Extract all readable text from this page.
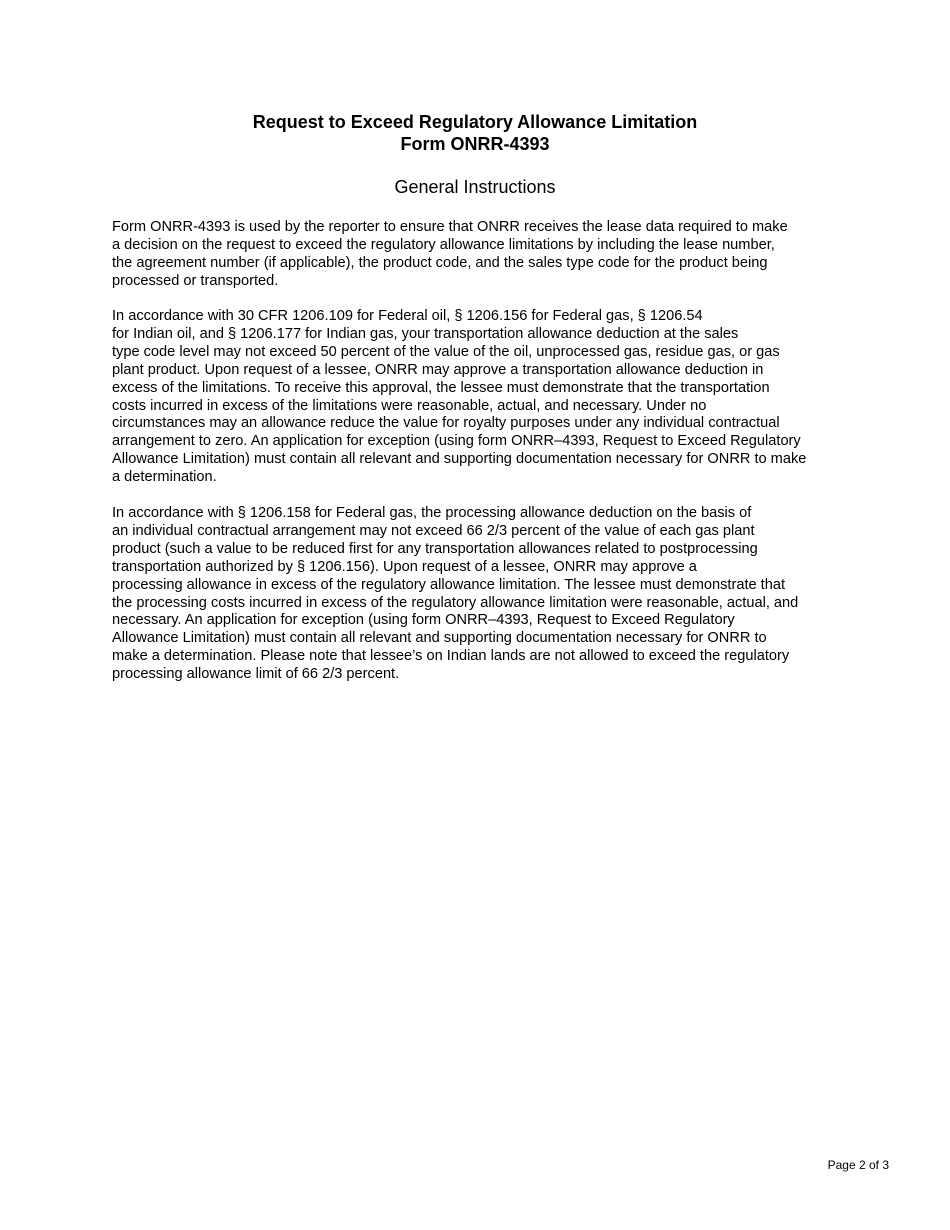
Request to Exceed Regulatory Allowance Limitation
Form ONRR-4393
General Instructions
Form ONRR-4393 is used by the reporter to ensure that ONRR receives the lease data required to make
a decision on the request to exceed the regulatory allowance limitations by including the lease number,
the agreement number (if applicable), the product code, and the sales type code for the product being
processed or transported.
In accordance with 30 CFR 1206.109 for Federal oil, § 1206.156 for Federal gas, § 1206.54
for Indian oil, and § 1206.177 for Indian gas, your transportation allowance deduction at the sales
type code level may not exceed 50 percent of the value of the oil, unprocessed gas, residue gas, or gas
plant product. Upon request of a lessee, ONRR may approve a transportation allowance deduction in
excess of the limitations. To receive this approval, the lessee must demonstrate that the transportation
costs incurred in excess of the limitations were reasonable, actual, and necessary. Under no
circumstances may an allowance reduce the value for royalty purposes under any individual contractual
arrangement to zero. An application for exception (using form ONRR–4393, Request to Exceed Regulatory
Allowance Limitation) must contain all relevant and supporting documentation necessary for ONRR to make
a determination.
In accordance with § 1206.158 for Federal gas, the processing allowance deduction on the basis of
an individual contractual arrangement may not exceed 66 2/3 percent of the value of each gas plant
product (such a value to be reduced first for any transportation allowances related to postprocessing
transportation authorized by § 1206.156). Upon request of a lessee, ONRR may approve a
processing allowance in excess of the regulatory allowance limitation. The lessee must demonstrate that
the processing costs incurred in excess of the regulatory allowance limitation were reasonable, actual, and
necessary. An application for exception (using form ONRR–4393, Request to Exceed Regulatory
Allowance Limitation) must contain all relevant and supporting documentation necessary for ONRR to
make a determination. Please note that lessee’s on Indian lands are not allowed to exceed the regulatory
processing allowance limit of 66 2/3 percent.
Page 2 of 3
